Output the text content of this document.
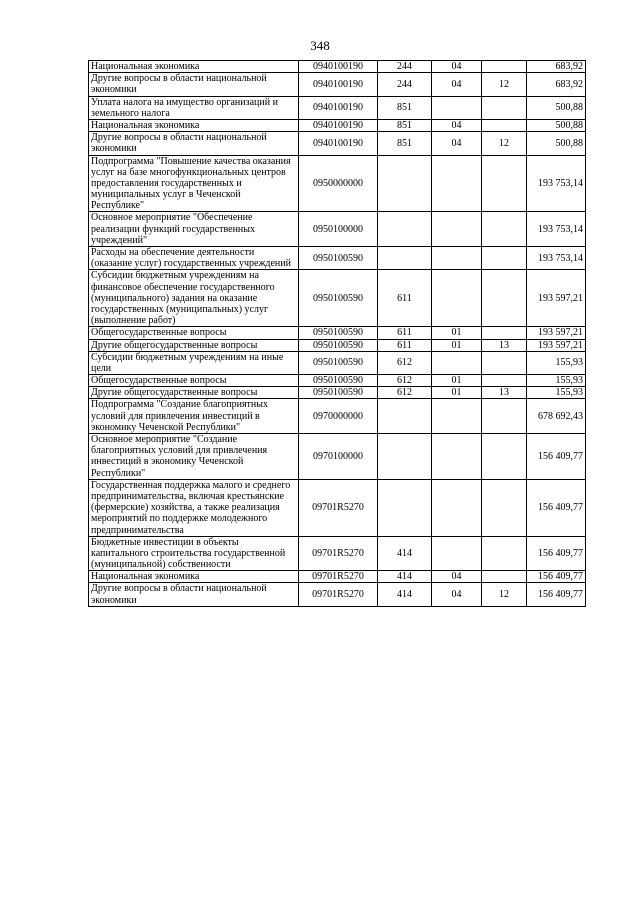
348
Национальная экономика	0940100190	244	04		683,92
Другие вопросы в области национальной экономики	0940100190	244	04	12	683,92
Уплата налога на имущество организаций и земельного налога	0940100190	851			500,88
Национальная экономика	0940100190	851	04		500,88
Другие вопросы в области национальной экономики	0940100190	851	04	12	500,88
Подпрограмма "Повышение качества оказания услуг на базе многофункциональных центров предоставления государственных и муниципальных услуг в Чеченской Республике"	0950000000				193 753,14
Основное мероприятие "Обеспечение реализации функций государственных учреждений"	0950100000				193 753,14
Расходы на обеспечение деятельности (оказание услуг) государственных учреждений	0950100590				193 753,14
Субсидии бюджетным учреждениям на финансовое обеспечение государственного (муниципального) задания на оказание государственных (муниципальных) услуг (выполнение работ)	0950100590	611			193 597,21
Общегосударственные вопросы	0950100590	611	01		193 597,21
Другие общегосударственные вопросы	0950100590	611	01	13	193 597,21
Субсидии бюджетным учреждениям на иные цели	0950100590	612			155,93
Общегосударственные вопросы	0950100590	612	01		155,93
Другие общегосударственные вопросы	0950100590	612	01	13	155,93
Подпрограмма "Создание благоприятных условий для привлечения инвестиций в экономику Чеченской Республики"	0970000000				678 692,43
Основное мероприятие "Создание благоприятных условий для привлечения инвестиций в экономику Чеченской Республики"	0970100000				156 409,77
Государственная поддержка малого и среднего предпринимательства, включая крестьянские (фермерские) хозяйства, а также реализация мероприятий по поддержке молодежного предпринимательства	09701R5270				156 409,77
Бюджетные инвестиции в объекты капитального строительства государственной (муниципальной) собственности	09701R5270	414			156 409,77
Национальная экономика	09701R5270	414	04		156 409,77
Другие вопросы в области национальной экономики	09701R5270	414	04	12	156 409,77
